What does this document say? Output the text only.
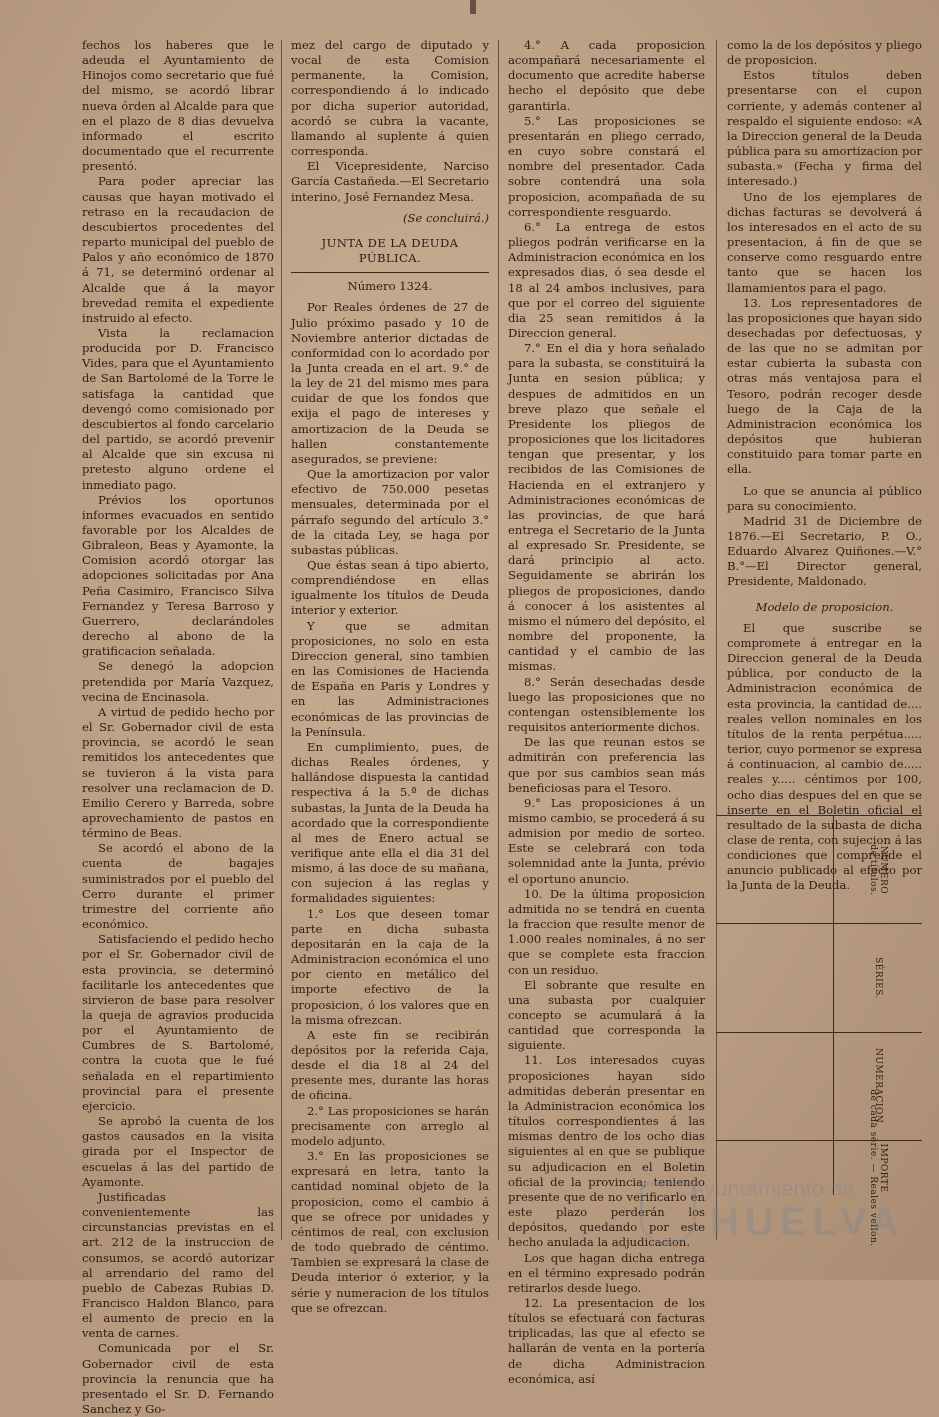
fechos los haberes que le adeuda el Ayuntamiento de Hinojos como secretario que fué del mismo, se acordó librar nueva órden al Alcalde para que en el plazo de 8 dias devuelva informado el escrito documentado que el recurrente presentó.

Para poder apreciar las causas que hayan motivado el retraso en la recaudacion de descubiertos procedentes del reparto municipal del pueblo de Palos y año económico de 1870 á 71, se determinó ordenar al Alcalde que á la mayor brevedad remita el expediente instruido al efecto.

Vista la reclamacion producida por D. Francisco Vides, para que el Ayuntamiento de San Bartolomé de la Torre le satisfaga la cantidad que devengó como comisionado por descubiertos al fondo carcelario del partido, se acordó prevenir al Alcalde que sin excusa ni pretesto alguno ordene el inmediato pago.

Prévios los oportunos informes evacuados en sentido favorable por los Alcaldes de Gibraleon, Beas y Ayamonte, la Comision acordó otorgar las adopciones solicitadas por Ana Peña Casimiro, Francisco Silva Fernandez y Teresa Barroso y Guerrero, declarándoles derecho al abono de la gratificacion señalada.

Se denegó la adopcion pretendida por María Vazquez, vecina de Encinasola.

A virtud de pedido hecho por el Sr. Gobernador civil de esta provincia, se acordó le sean remitidos los antecedentes que se tuvieron á la vista para resolver una reclamacion de D. Emilio Cerero y Barreda, sobre aprovechamiento de pastos en término de Beas.

Se acordó el abono de la cuenta de bagajes suministrados por el pueblo del Cerro durante el primer trimestre del corriente año económico.

Satisfaciendo el pedido hecho por el Sr. Gobernador civil de esta provincia, se determinó facilitarle los antecedentes que sirvieron de base para resolver la queja de agravios producida por el Ayuntamiento de Cumbres de S. Bartolomé, contra la cuota que le fué señalada en el repartimiento provincial para el presente ejercicio.

Se aprobó la cuenta de los gastos causados en la visita girada por el Inspector de escuelas á las del partido de Ayamonte.

Justificadas convenientemente las circunstancias previstas en el art. 212 de la instruccion de consumos, se acordó autorizar al arrendario del ramo del pueblo de Cabezas Rubias D. Francisco Haldon Blanco, para el aumento de precio en la venta de carnes.

Comunicada por el Sr. Gobernador civil de esta provincia la renuncia que ha presentado el Sr. D. Fernando Sanchez y Go-

mez del cargo de diputado y vocal de esta Comision permanente, la Comision, correspondiendo á lo indicado por dicha superior autoridad, acordó se cubra la vacante, llamando al suplente á quien corresponda.

El Vicepresidente, Narciso García Castañeda.—El Secretario interino, José Fernandez Mesa.

(Se concluirá.)

JUNTA DE LA DEUDA PÚBLICA.
Número 1324.

Por Reales órdenes de 27 de Julio próximo pasado y 10 de Noviembre anterior dictadas de conformidad con lo acordado por la Junta creada en el art. 9.° de la ley de 21 del mismo mes para cuidar de que los fondos que exija el pago de intereses y amortizacion de la Deuda se hallen constantemente asegurados, se previene:

Que la amortizacion por valor efectivo de 750.000 pesetas mensuales, determinada por el párrafo segundo del artículo 3.° de la citada Ley, se haga por subastas públicas.

Que éstas sean á tipo abierto, comprendiéndose en ellas igualmente los títulos de Deuda interior y exterior.

Y que se admitan proposiciones, no solo en esta Direccion general, sino tambien en las Comisiones de Hacienda de España en Paris y Londres y en las Administraciones económicas de las provincias de la Península.

En cumplimiento, pues, de dichas Reales órdenes, y hallándose dispuesta la cantidad respectiva á la 5.ª de dichas subastas, la Junta de la Deuda ha acordado que la correspondiente al mes de Enero actual se verifique ante ella el dia 31 del mismo, á las doce de su mañana, con sujecion á las reglas y formalidades siguientes:

1.° Los que deseen tomar parte en dicha subasta depositarán en la caja de la Administracion económica el uno por ciento en metálico del importe efectivo de la proposicion, ó los valores que en la misma ofrezcan.

A este fin se recibirán depósitos por la referida Caja, desde el dia 18 al 24 del presente mes, durante las horas de oficina.

2.° Las proposiciones se harán precisamente con arreglo al modelo adjunto.

3.° En las proposiciones se expresará en letra, tanto la cantidad nominal objeto de la proposicion, como el cambio á que se ofrece por unidades y céntimos de real, con exclusion de todo quebrado de céntimo. Tambien se expresará la clase de Deuda interior ó exterior, y la série y numeracion de los títulos que se ofrezcan.

4.° A cada proposicion acompañará necesariamente el documento que acredite haberse hecho el depósito que debe garantirla.

5.° Las proposiciones se presentarán en pliego cerrado, en cuyo sobre constará el nombre del presentador. Cada sobre contendrá una sola proposicion, acompañada de su correspondiente resguardo.

6.° La entrega de estos pliegos podrán verificarse en la Administracion económica en los expresados dias, ó sea desde el 18 al 24 ambos inclusives, para que por el correo del siguiente dia 25 sean remitidos á la Direccion general.

7.° En el dia y hora señalado para la subasta, se constituirá la Junta en sesion pública; y despues de admitidos en un breve plazo que señale el Presidente los pliegos de proposiciones que los licitadores tengan que presentar, y los recibidos de las Comisiones de Hacienda en el extranjero y Administraciones económicas de las provincias, de que hará entrega el Secretario de la Junta al expresado Sr. Presidente, se dará principio al acto. Seguidamente se abrirán los pliegos de proposiciones, dando á conocer á los asistentes al mismo el número del depósito, el nombre del proponente, la cantidad y el cambio de las mismas.

8.° Serán desechadas desde luego las proposiciones que no contengan ostensiblemente los requisitos anteriormente dichos.

De las que reunan estos se admitirán con preferencia las que por sus cambios sean más beneficiosas para el Tesoro.

9.° Las proposiciones á un mismo cambio, se procederá á su admision por medio de sorteo. Este se celebrará con toda solemnidad ante la Junta, prévio el oportuno anuncio.

10. De la última proposicion admitida no se tendrá en cuenta la fraccion que resulte menor de 1.000 reales nominales, á no ser que se complete esta fraccion con un residuo.

El sobrante que resulte en una subasta por cualquier concepto se acumulará á la cantidad que corresponda la siguiente.

11. Los interesados cuyas proposiciones hayan sido admitidas deberán presentar en la Administracion económica los títulos correspondientes á las mismas dentro de los ocho dias siguientes al en que se publique su adjudicacion en el Boletin oficial de la provincia; teniendo presente que de no verificarlo en este plazo perderán los depósitos, quedando por este hecho anulada la adjudicacion.

Los que hagan dicha entrega en el término expresado podrán retirarlos desde luego.

12. La presentacion de los títulos se efectuará con facturas triplicadas, las que al efecto se hallarán de venta en la portería de dicha Administracion económica, así

como la de los depósitos y pliego de proposicion.

Estos títulos deben presentarse con el cupon corriente, y además contener al respaldo el siguiente endoso: «A la Direccion general de la Deuda pública para su amortizacion por subasta.» (Fecha y firma del interesado.)

Uno de los ejemplares de dichas facturas se devolverá á los interesados en el acto de su presentacion, á fin de que se conserve como resguardo entre tanto que se hacen los llamamientos para el pago.

13. Los representadores de las proposiciones que hayan sido desechadas por defectuosas, y de las que no se admitan por estar cubierta la subasta con otras más ventajosa para el Tesoro, podrán recoger desde luego de la Caja de la Administracion económica los depósitos que hubieran constituido para tomar parte en ella.

Lo que se anuncia al público para su conocimiento.

Madrid 31 de Diciembre de 1876.—El Secretario, P. O., Eduardo Alvarez Quiñones.—V.° B.°—El Director general, Presidente, Maldonado.

Modelo de proposicion.

El que suscribe se compromete á entregar en la Direccion general de la Deuda pública, por conducto de la Administracion económica de esta provincia, la cantidad de.... reales vellon nominales en los títulos de la renta perpétua..... terior, cuyo pormenor se expresa á continuacion, al cambio de..... reales y..... céntimos por 100, ocho dias despues del en que se inserte en el Boletin oficial el resultado de la subasta de dicha clase de renta, con sujecion á las condiciones que comprende el anuncio publicado al efecto por la Junta de la Deuda.

	NÚMERO
de títulos.

	SÉRIES.

	NUMERACION.

	IMPORTE
de cada série. — Reales vellon.
Ayuntamiento de
HUELVA
